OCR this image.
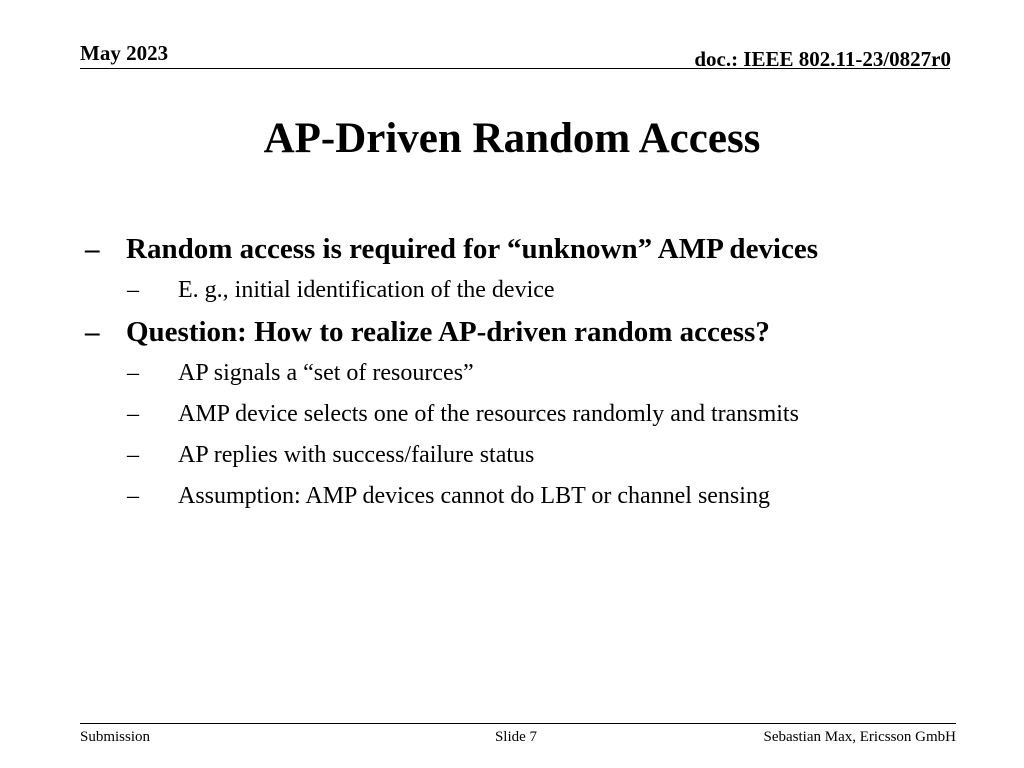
May 2023	doc.: IEEE 802.11-23/0827r0
AP-Driven Random Access
– Random access is required for “unknown” AMP devices
– E. g., initial identification of the device
– Question: How to realize AP-driven random access?
– AP signals a “set of resources”
– AMP device selects one of the resources randomly and transmits
– AP replies with success/failure status
– Assumption: AMP devices cannot do LBT or channel sensing
Submission	Slide 7	Sebastian Max, Ericsson GmbH
